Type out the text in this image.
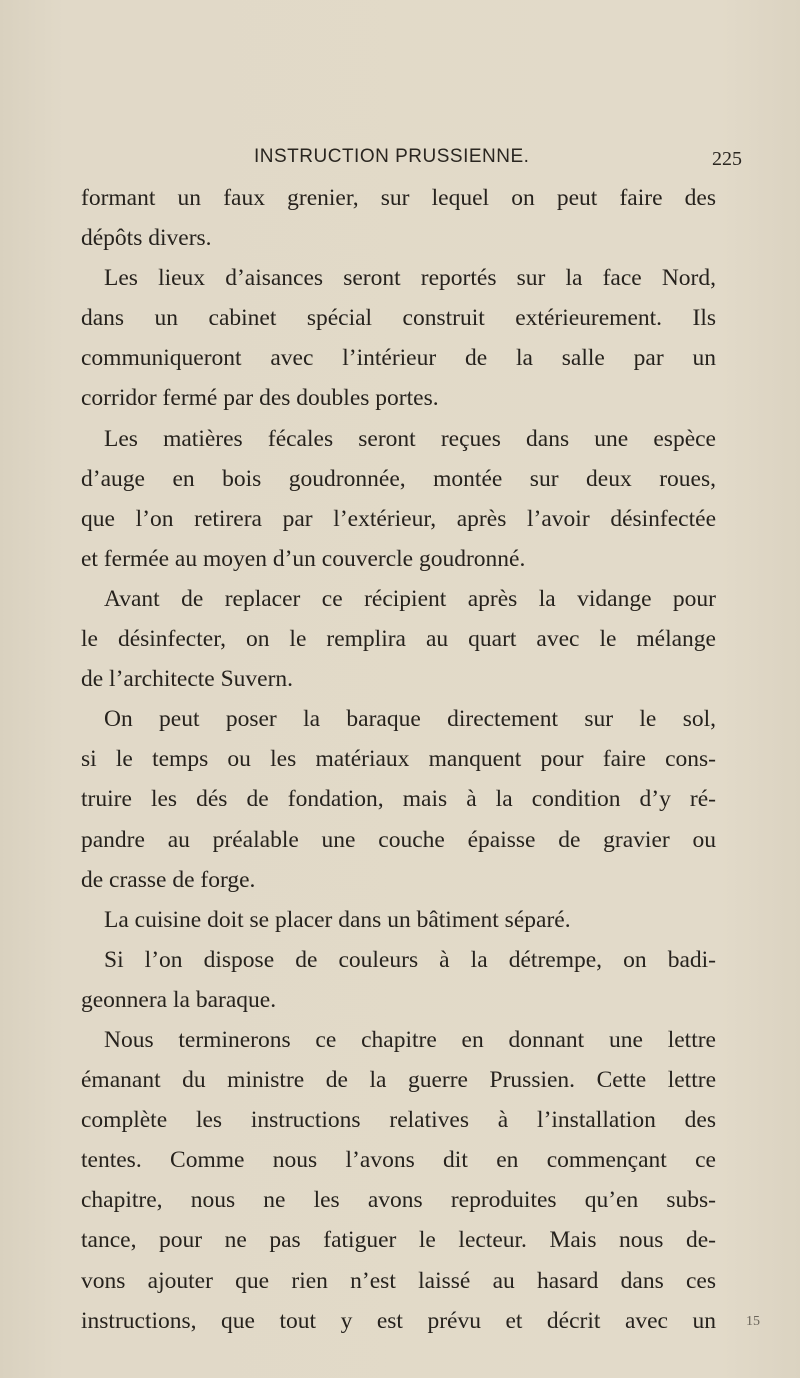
INSTRUCTION PRUSSIENNE.	225
formant un faux grenier, sur lequel on peut faire des
dépôts divers.
Les lieux d’aisances seront reportés sur la face Nord,
dans un cabinet spécial construit extérieurement. Ils
communiqueront avec l’intérieur de la salle par un
corridor fermé par des doubles portes.
Les matières fécales seront reçues dans une espèce
d’auge en bois goudronnée, montée sur deux roues,
que l’on retirera par l’extérieur, après l’avoir désinfectée
et fermée au moyen d’un couvercle goudronné.
Avant de replacer ce récipient après la vidange pour
le désinfecter, on le remplira au quart avec le mélange
de l’architecte Suvern.
On peut poser la baraque directement sur le sol,
si le temps ou les matériaux manquent pour faire cons-
truire les dés de fondation, mais à la condition d’y ré-
pandre au préalable une couche épaisse de gravier ou
de crasse de forge.
La cuisine doit se placer dans un bâtiment séparé.
Si l’on dispose de couleurs à la détrempe, on badi-
geonnera la baraque.
Nous terminerons ce chapitre en donnant une lettre
émanant du ministre de la guerre Prussien. Cette lettre
complète les instructions relatives à l’installation des
tentes. Comme nous l’avons dit en commençant ce
chapitre, nous ne les avons reproduites qu’en subs-
tance, pour ne pas fatiguer le lecteur. Mais nous de-
vons ajouter que rien n’est laissé au hasard dans ces
instructions, que tout y est prévu et décrit avec un 15
